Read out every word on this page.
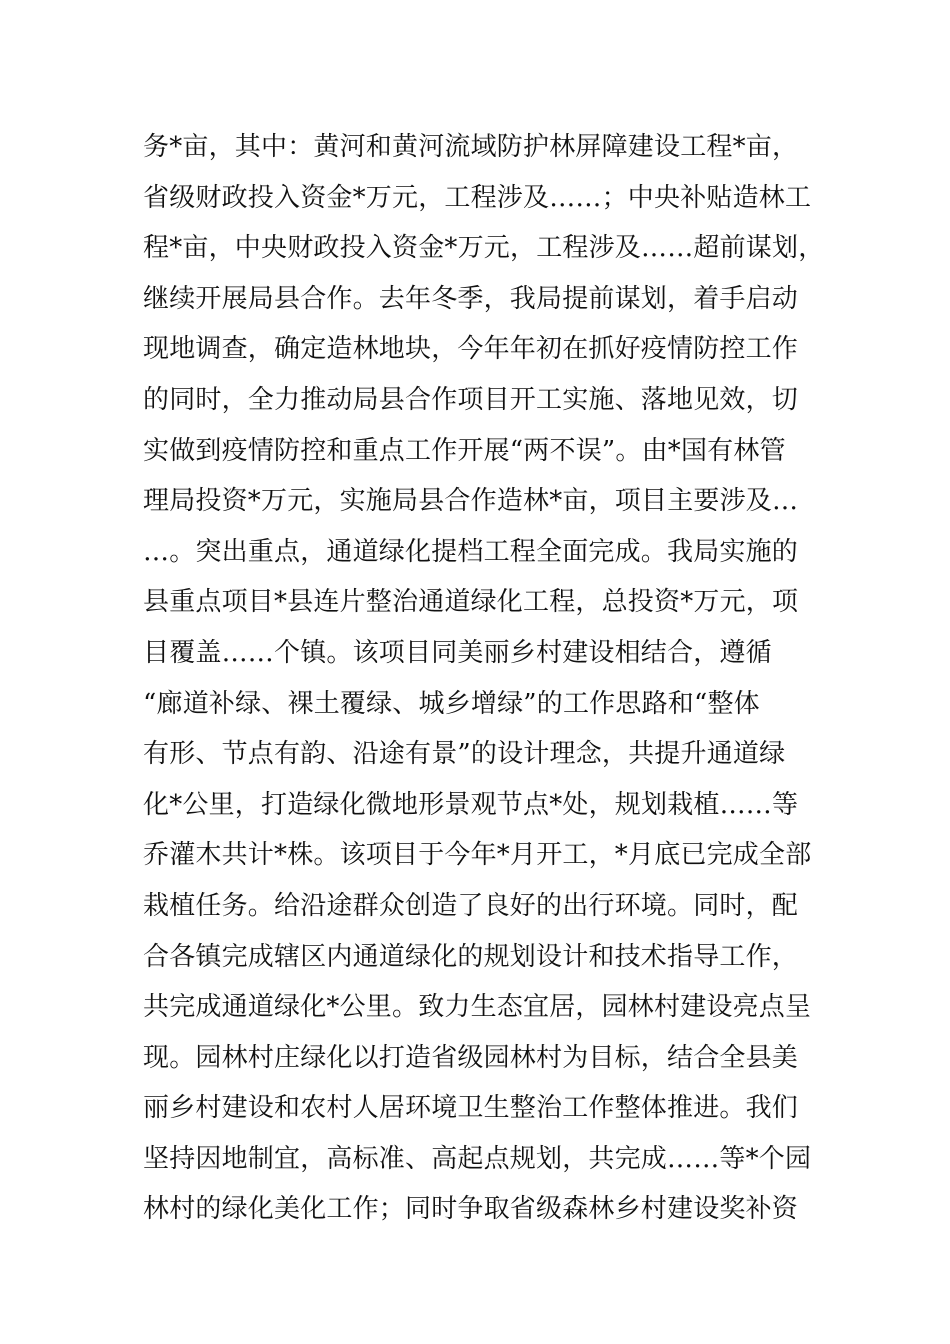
务*亩，其中：黄河和黄河流域防护林屏障建设工程*亩，
省级财政投入资金*万元，工程涉及……；中央补贴造林工
程*亩，中央财政投入资金*万元，工程涉及……超前谋划，
继续开展局县合作。去年冬季，我局提前谋划，着手启动
现地调查，确定造林地块，今年年初在抓好疫情防控工作
的同时，全力推动局县合作项目开工实施、落地见效，切
实做到疫情防控和重点工作开展“两不误”。由*国有林管
理局投资*万元，实施局县合作造林*亩，项目主要涉及…
…。突出重点，通道绿化提档工程全面完成。我局实施的
县重点项目*县连片整治通道绿化工程，总投资*万元，项
目覆盖……个镇。该项目同美丽乡村建设相结合，遵循
“廊道补绿、裸土覆绿、城乡增绿”的工作思路和“整体
有形、节点有韵、沿途有景”的设计理念，共提升通道绿
化*公里，打造绿化微地形景观节点*处，规划栽植……等
乔灌木共计*株。该项目于今年*月开工，*月底已完成全部
栽植任务。给沿途群众创造了良好的出行环境。同时，配
合各镇完成辖区内通道绿化的规划设计和技术指导工作，
共完成通道绿化*公里。致力生态宜居，园林村建设亮点呈
现。园林村庄绿化以打造省级园林村为目标，结合全县美
丽乡村建设和农村人居环境卫生整治工作整体推进。我们
坚持因地制宜，高标准、高起点规划，共完成……等*个园
林村的绿化美化工作；同时争取省级森林乡村建设奖补资
